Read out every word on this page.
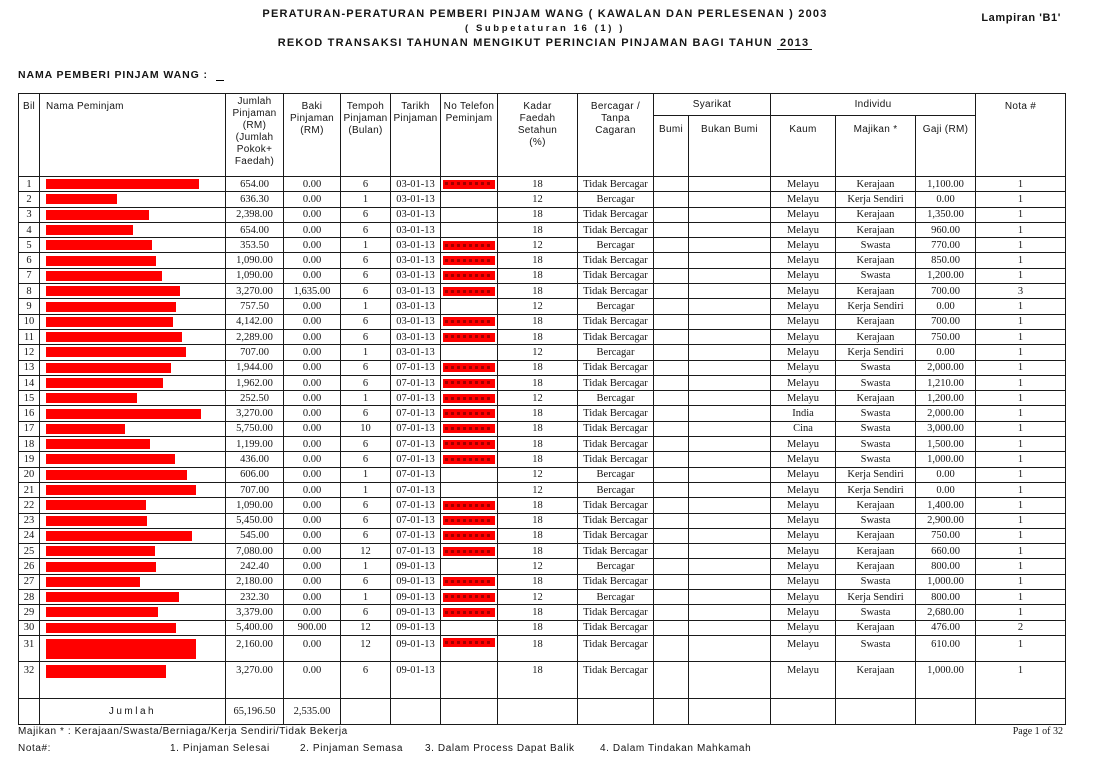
PERATURAN-PERATURAN PEMBERI PINJAM WANG ( KAWALAN DAN PERLESENAN ) 2003
( Subpetaturan 16 (1) )
REKOD TRANSAKSI TAHUNAN MENGIKUT PERINCIAN PINJAMAN BAGI TAHUN 2013
Lampiran 'B1'
NAMA PEMBERI PINJAM WANG :
Bil	Nama Peminjam	Jumlah Pinjaman (RM) (Jumlah Pokok+ Faedah)	Baki Pinjaman (RM)	Tempoh Pinjaman (Bulan)	Tarikh Pinjaman	No Telefon Peminjam	Kadar Faedah Setahun (%)	Bercagar / Tanpa Cagaran	Syarikat		Individu			Nota #
									Bumi	Bukan Bumi	Kaum	Majikan *	Gaji (RM)	
1		654.00	0.00	6	03-01-13		18	Tidak Bercagar			Melayu	Kerajaan	1,100.00	1
2		636.30	0.00	1	03-01-13		12	Bercagar			Melayu	Kerja Sendiri	0.00	1
3		2,398.00	0.00	6	03-01-13		18	Tidak Bercagar			Melayu	Kerajaan	1,350.00	1
4		654.00	0.00	6	03-01-13		18	Tidak Bercagar			Melayu	Kerajaan	960.00	1
5		353.50	0.00	1	03-01-13		12	Bercagar			Melayu	Swasta	770.00	1
6		1,090.00	0.00	6	03-01-13		18	Tidak Bercagar			Melayu	Kerajaan	850.00	1
7		1,090.00	0.00	6	03-01-13		18	Tidak Bercagar			Melayu	Swasta	1,200.00	1
8		3,270.00	1,635.00	6	03-01-13		18	Tidak Bercagar			Melayu	Kerajaan	700.00	3
9		757.50	0.00	1	03-01-13		12	Bercagar			Melayu	Kerja Sendiri	0.00	1
10		4,142.00	0.00	6	03-01-13		18	Tidak Bercagar			Melayu	Kerajaan	700.00	1
11		2,289.00	0.00	6	03-01-13		18	Tidak Bercagar			Melayu	Kerajaan	750.00	1
12		707.00	0.00	1	03-01-13		12	Bercagar			Melayu	Kerja Sendiri	0.00	1
13		1,944.00	0.00	6	07-01-13		18	Tidak Bercagar			Melayu	Swasta	2,000.00	1
14		1,962.00	0.00	6	07-01-13		18	Tidak Bercagar			Melayu	Swasta	1,210.00	1
15		252.50	0.00	1	07-01-13		12	Bercagar			Melayu	Kerajaan	1,200.00	1
16		3,270.00	0.00	6	07-01-13		18	Tidak Bercagar			India	Swasta	2,000.00	1
17		5,750.00	0.00	10	07-01-13		18	Tidak Bercagar			Cina	Swasta	3,000.00	1
18		1,199.00	0.00	6	07-01-13		18	Tidak Bercagar			Melayu	Swasta	1,500.00	1
19		436.00	0.00	6	07-01-13		18	Tidak Bercagar			Melayu	Swasta	1,000.00	1
20		606.00	0.00	1	07-01-13		12	Bercagar			Melayu	Kerja Sendiri	0.00	1
21		707.00	0.00	1	07-01-13		12	Bercagar			Melayu	Kerja Sendiri	0.00	1
22		1,090.00	0.00	6	07-01-13		18	Tidak Bercagar			Melayu	Kerajaan	1,400.00	1
23		5,450.00	0.00	6	07-01-13		18	Tidak Bercagar			Melayu	Swasta	2,900.00	1
24		545.00	0.00	6	07-01-13		18	Tidak Bercagar			Melayu	Kerajaan	750.00	1
25		7,080.00	0.00	12	07-01-13		18	Tidak Bercagar			Melayu	Kerajaan	660.00	1
26		242.40	0.00	1	09-01-13		12	Bercagar			Melayu	Kerajaan	800.00	1
27		2,180.00	0.00	6	09-01-13		18	Tidak Bercagar			Melayu	Swasta	1,000.00	1
28		232.30	0.00	1	09-01-13		12	Bercagar			Melayu	Kerja Sendiri	800.00	1
29		3,379.00	0.00	6	09-01-13		18	Tidak Bercagar			Melayu	Swasta	2,680.00	1
30		5,400.00	900.00	12	09-01-13		18	Tidak Bercagar			Melayu	Kerajaan	476.00	2
31		2,160.00	0.00	12	09-01-13		18	Tidak Bercagar			Melayu	Swasta	610.00	1
32		3,270.00	0.00	6	09-01-13		18	Tidak Bercagar			Melayu	Kerajaan	1,000.00	1
	Jumlah	65,196.50	2,535.00											
Majikan * : Kerajaan/Swasta/Berniaga/Kerja Sendiri/Tidak Bekerja
Nota#:	1. Pinjaman Selesai	2. Pinjaman Semasa 3. Dalam Process Dapat Balik	4. Dalam Tindakan Mahkamah
Page 1 of 32
